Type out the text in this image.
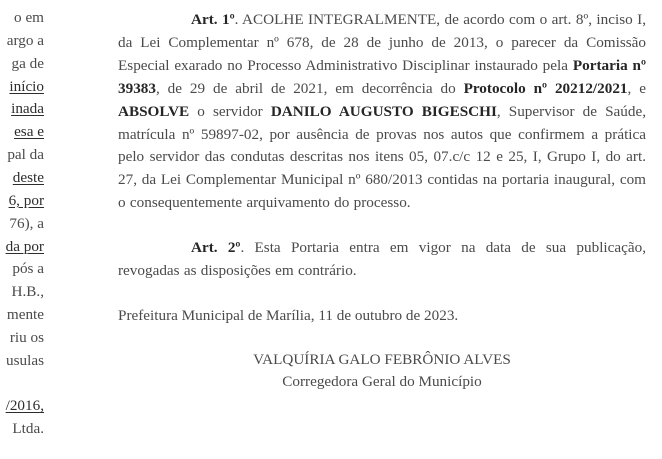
o em
argo a
ga de
início
inada
esa e
pal da
deste
6, por
76), a
da por
pós a
H.B.,
mente
riu os
usulas
/2016,
Ltda.

Art. 1º. ACOLHE INTEGRALMENTE, de acordo com o art. 8º, inciso I, da Lei Complementar nº 678, de 28 de junho de 2013, o parecer da Comissão Especial exarado no Processo Administrativo Disciplinar instaurado pela Portaria nº 39383, de 29 de abril de 2021, em decorrência do Protocolo nº 20212/2021, e ABSOLVE o servidor DANILO AUGUSTO BIGESCHI, Supervisor de Saúde, matrícula nº 59897-02, por ausência de provas nos autos que confirmem a prática pelo servidor das condutas descritas nos itens 05, 07.c/c 12 e 25, I, Grupo I, do art. 27, da Lei Complementar Municipal nº 680/2013 contidas na portaria inaugural, com o consequentemente arquivamento do processo.

Art. 2º. Esta Portaria entra em vigor na data de sua publicação, revogadas as disposições em contrário.

Prefeitura Municipal de Marília, 11 de outubro de 2023.

VALQUÍRIA GALO FEBRÔNIO ALVES

Corregedora Geral do Município
